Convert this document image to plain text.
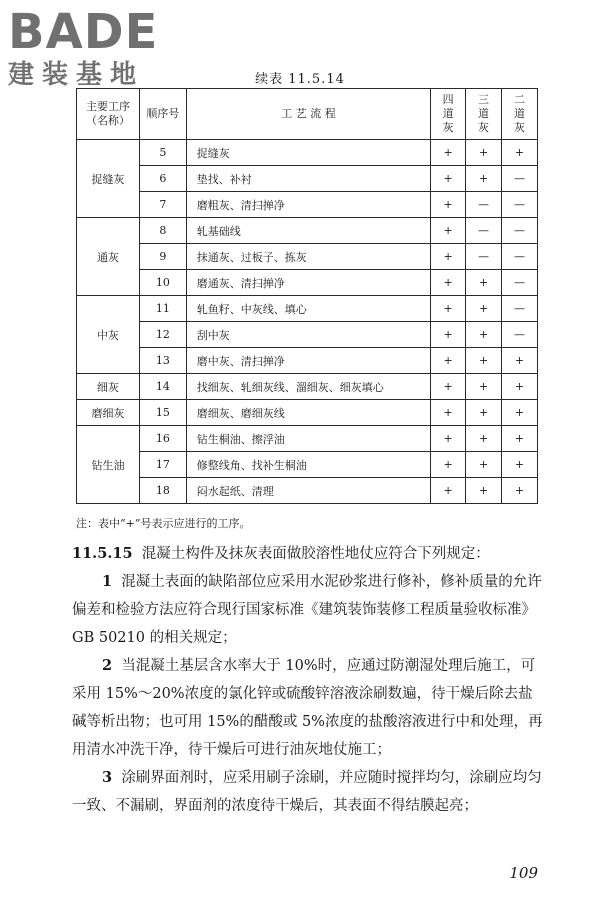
BADE
建装基地	续表 11.5.14
主要工序（名称）	顺序号	工 艺 流 程	四道灰	三道灰	二道灰
捉缝灰	5	捉缝灰	+	+	+
	6	垫找、补衬	+	+	—
	7	磨粗灰、清扫掸净	+	—	—
通灰	8	轧基础线	+	—	—
	9	抹通灰、过板子、拣灰	+	—	—
	10	磨通灰、清扫掸净	+	+	—
中灰	11	轧鱼籽、中灰线、填心	+	+	—
	12	刮中灰	+	+	—
	13	磨中灰、清扫掸净	+	+	+
细灰	14	找细灰、轧细灰线、溜细灰、细灰填心	+	+	+
磨细灰	15	磨细灰、磨细灰线	+	+	+
钻生油	16	钻生桐油、擦浮油	+	+	+
	17	修整线角、找补生桐油	+	+	+
	18	闷水起纸、清理	+	+	+
注：表中“+”号表示应进行的工序。

11.5.15 混凝土构件及抹灰表面做胶溶性地仗应符合下列规定：

1 混凝土表面的缺陷部位应采用水泥砂浆进行修补，修补质量的允许偏差和检验方法应符合现行国家标准《建筑装饰装修工程质量验收标准》GB 50210 的相关规定；

2 当混凝土基层含水率大于 10%时，应通过防潮湿处理后施工，可采用 15%～20%浓度的氯化锌或硫酸锌溶液涂刷数遍，待干燥后除去盐碱等析出物；也可用 15%的醋酸或 5%浓度的盐酸溶液进行中和处理，再用清水冲洗干净，待干燥后可进行油灰地仗施工；

3 涂刷界面剂时，应采用刷子涂刷，并应随时搅拌均匀，涂刷应均匀一致、不漏刷，界面剂的浓度待干燥后，其表面不得结膜起亮；

109
